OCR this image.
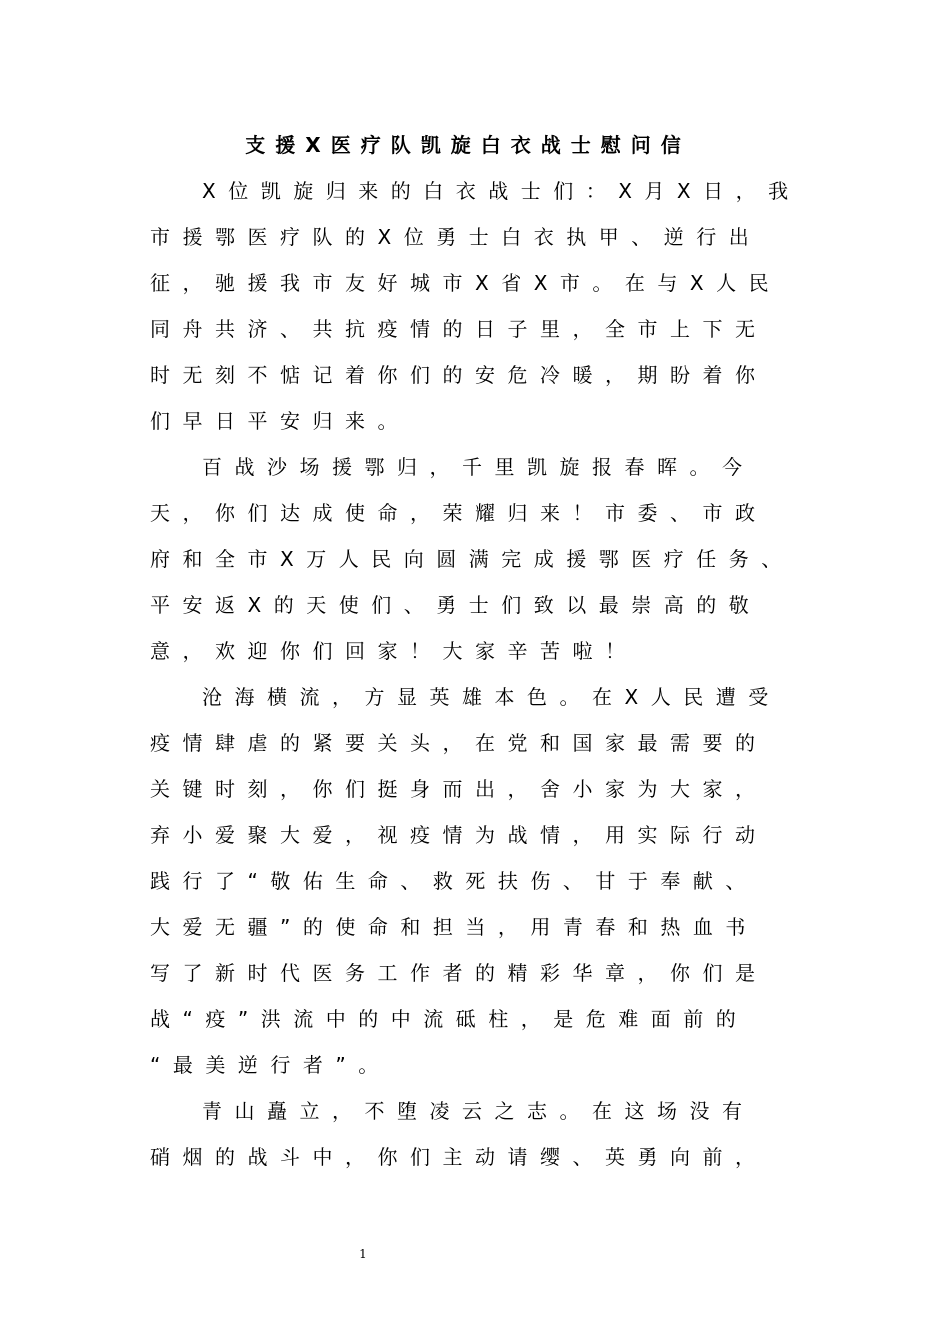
支援X医疗队凯旋白衣战士慰问信
X位凯旋归来的白衣战士们：X月X日，我
市援鄂医疗队的X位勇士白衣执甲、逆行出
征，驰援我市友好城市X省X市。在与X人民
同舟共济、共抗疫情的日子里，全市上下无
时无刻不惦记着你们的安危冷暖，期盼着你
们早日平安归来。
百战沙场援鄂归，千里凯旋报春晖。今
天，你们达成使命，荣耀归来！市委、市政
府和全市X万人民向圆满完成援鄂医疗任务、
平安返X的天使们、勇士们致以最崇高的敬
意，欢迎你们回家！大家辛苦啦！
沧海横流，方显英雄本色。在X人民遭受
疫情肆虐的紧要关头，在党和国家最需要的
关键时刻，你们挺身而出，舍小家为大家，
弃小爱聚大爱，视疫情为战情，用实际行动
践行了“敬佑生命、救死扶伤、甘于奉献、
大爱无疆”的使命和担当，用青春和热血书
写了新时代医务工作者的精彩华章，你们是
战“疫”洪流中的中流砥柱，是危难面前的
“最美逆行者”。
青山矗立，不堕凌云之志。在这场没有
硝烟的战斗中，你们主动请缨、英勇向前，
1
